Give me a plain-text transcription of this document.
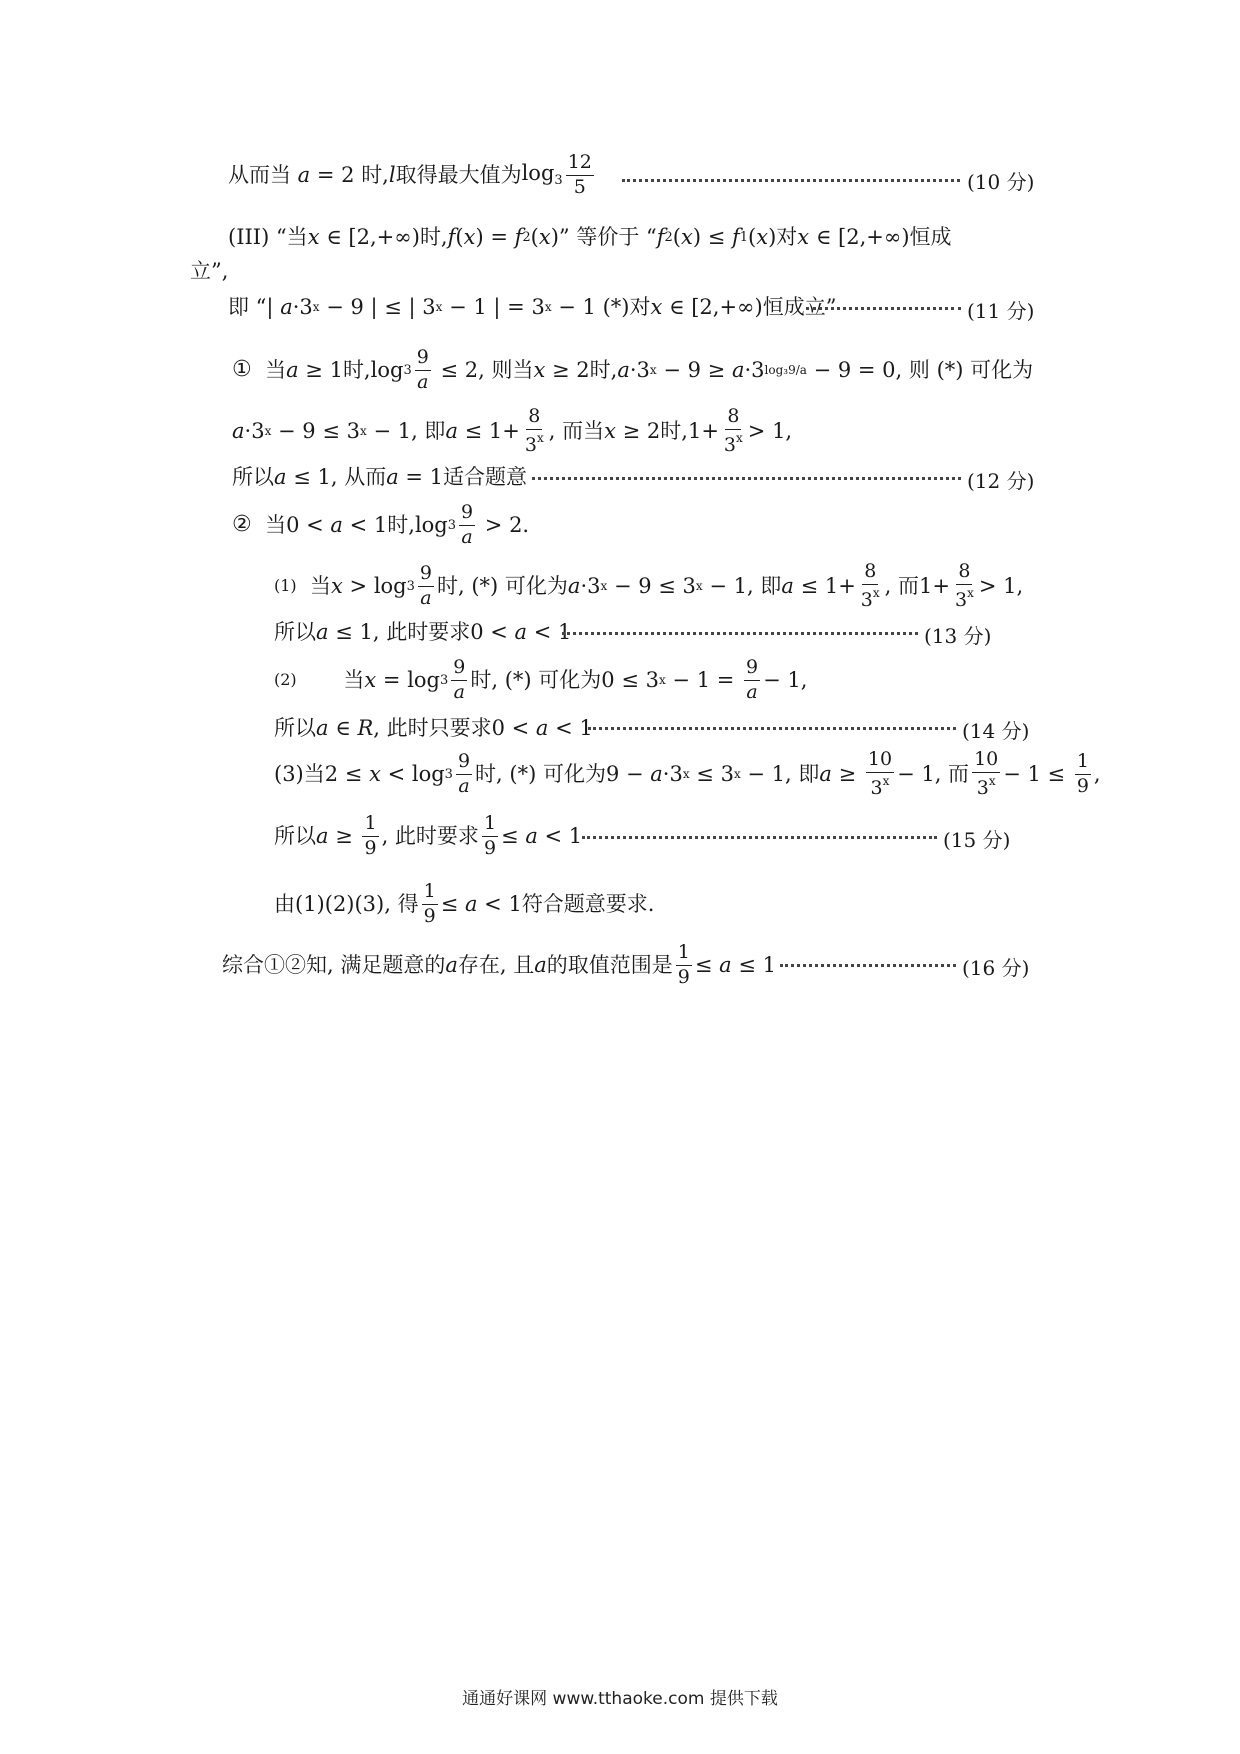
从而当 a = 2 时, l 取得最大值为 $\log_3 \frac{12}{5}$	(10 分)
(III) “当 x ∈ [2,+∞) 时, f ( x ) = f 2 ( x ) ” 等价于 “ f 2 ( x ) ≤ f 1 ( x ) 对 x ∈ [2,+∞) 恒成
立”,
即 “ | a ·3 x − 9 | ≤ | 3 x − 1 | = 3 x − 1 (*) 对 x ∈ [2,+∞) 恒成立”	(11 分)
①
当 a ≥ 1 时, $\log 3 \frac{9}{a} \le 2$ , 则当 x ≥ 2 时, a ·3 x − 9 ≥ a ·3 log₃9/a − 9 = 0 , 则 (*) 可化为
a ·3 x − 9 ≤ 3 x − 1 , 即 $a \le 1+ \frac{8}{3^x}$ , 而当 x ≥ 2 时, $1+ \frac{8}{3^x} > 1$,
所以 a ≤ 1 , 从而 a = 1 适合题意	(12 分)
②
当 0 < a < 1 时, $\log 3 \frac{9}{a} > 2$.
(1)
当 $x > \log 3 \frac{9}{a}$ 时, (*) 可化为 a ·3 x − 9 ≤ 3 x − 1 , 即 $a \le 1+ \frac{8}{3^x}$ , 而 $1+ \frac{8}{3^x} > 1$,
所以 a ≤ 1 , 此时要求 0 < a < 1	(13 分)
(2)
当 $x = \log 3 \frac{9}{a}$ 时, (*) 可化为 0 ≤ 3 $x - 1 = \frac{9}{a} - 1$,
所以 a ∈ R , 此时只要求 0 < a < 1	(14 分)
(3) 当 $2 \le x < \log 3 \frac{9}{a}$ 时, (*) 可化为 9 − a ·3 x ≤ 3 x − 1 , 即 $a \ge \frac{10}{3^x} - 1$ , 而 $\frac{10}{3^x} - 1 \le \frac{1}{9}$ ,
所以 $a \ge \frac{1}{9}$ , 此时要求 $\frac{1}{9} \le a < 1$	(15 分)
由(1)(2)(3), 得 $\frac{1}{9} \le a < 1$ 符合题意要求.
综合①②知, 满足题意的 a 存在, 且 a 的取值范围是 $\frac{1}{9} \le a \le 1$	(16 分)
通通好课网 www.tthaoke.com 提供下载
